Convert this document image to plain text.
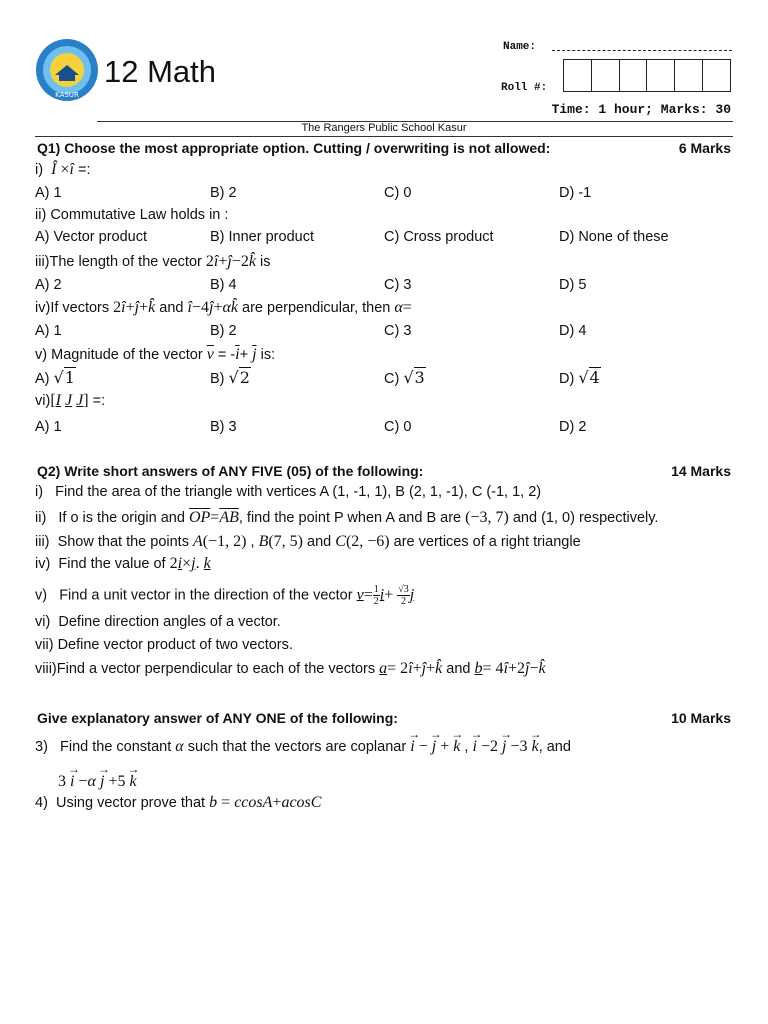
KASUR
12 Math
Name:
Roll #:
Time: 1 hour; Marks: 30
The Rangers Public School Kasur
Q1) Choose the most appropriate option. Cutting / overwriting is not allowed:	6 Marks
i) Î ×î =:
A) 1	B) 2	C) 0	D) -1
ii) Commutative Law holds in :
A) Vector product	B) Inner product	C) Cross product	D) None of these
iii)The length of the vector 2î+ĵ−2k̂ is
A) 2	B) 4	C) 3	D) 5
iv)If vectors 2î+ĵ+k̂ and î−4ĵ+αk̂ are perpendicular, then α=
A) 1	B) 2	C) 3	D) 4
v) Magnitude of the vector $\overline{v} = -\overline{i}+ \overline{j}$ is:
A) √1	B) √2	C) √3	D) √4
vi)[I J J] =:
A) 1	B) 3	C) 0	D) 2
Q2) Write short answers of ANY FIVE (05) of the following:	14 Marks
i) Find the area of the triangle with vertices A (1, -1, 1), B (2, 1, -1), C (-1, 1, 2)
ii) If o is the origin and $\overline{OP}=\overline{AB}$, find the point P when A and B are (−3, 7) and (1, 0) respectively.
iii) Show that the points A(−1, 2) , B(7, 5) and C(2, −6) are vertices of a right triangle
iv) Find the value of 2i×j. k
v) Find a unit vector in the direction of the vector $v= \frac{1}{2} i+ \frac{√3}{2}$ j
vi) Define direction angles of a vector.
vii) Define vector product of two vectors.
viii)Find a vector perpendicular to each of the vectors a= 2î+ĵ+k̂ and b= 4î+2ĵ−k̂
Give explanatory answer of ANY ONE of the following:	10 Marks
3) Find the constant α such that the vectors are coplanar → i − → j + → k , → i −2 → j −3 → k, and
3 → i −α → j +5 → k
4) Using vector prove that b = ccosA+acosC
